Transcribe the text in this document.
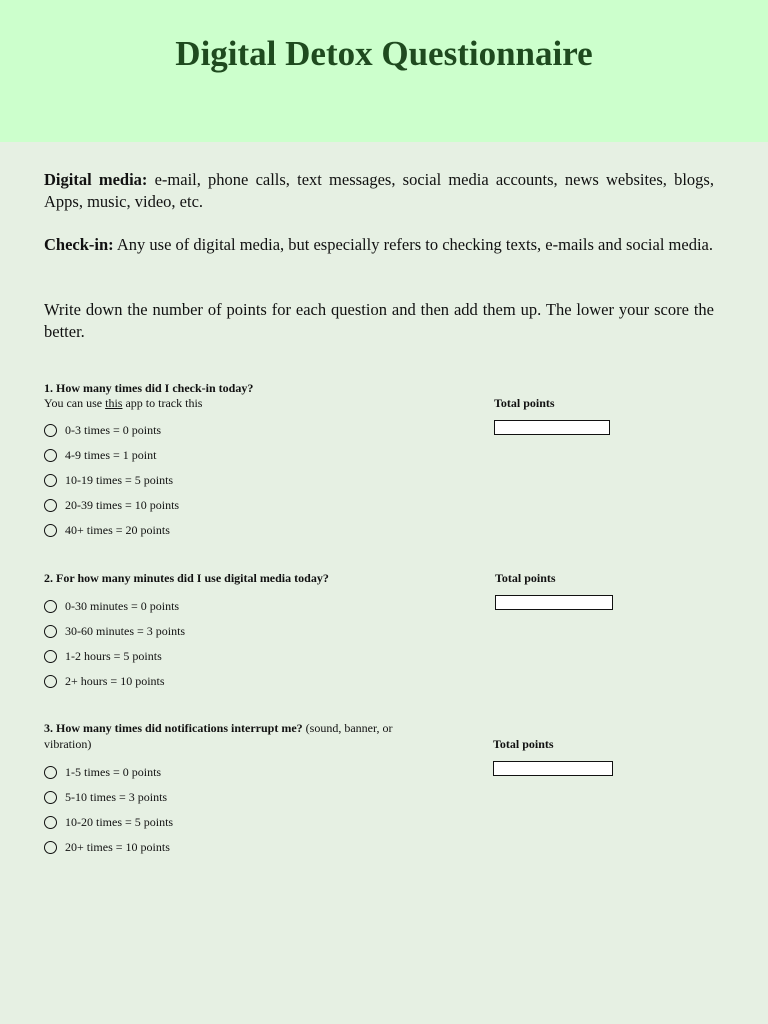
Digital Detox Questionnaire

Digital media: e-mail, phone calls, text messages, social media accounts, news websites, blogs, Apps, music, video, etc.

Check-in: Any use of digital media, but especially refers to checking texts, e-mails and social media.

Write down the number of points for each question and then add them up. The lower your score the better.

1. How many times did I check-in today?

You can use this app to track this	Total points
0-3 times = 0 points
4-9 times = 1 point
10-19 times = 5 points
20-39 times = 10 points
40+ times = 20 points

2. For how many minutes did I use digital media today?	Total points
0-30 minutes = 0 points
30-60 minutes = 3 points
1-2 hours = 5 points
2+ hours = 10 points

3. How many times did notifications interrupt me? (sound, banner, or
vibration)	Total points
1-5 times = 0 points
5-10 times = 3 points
10-20 times = 5 points
20+ times = 10 points
